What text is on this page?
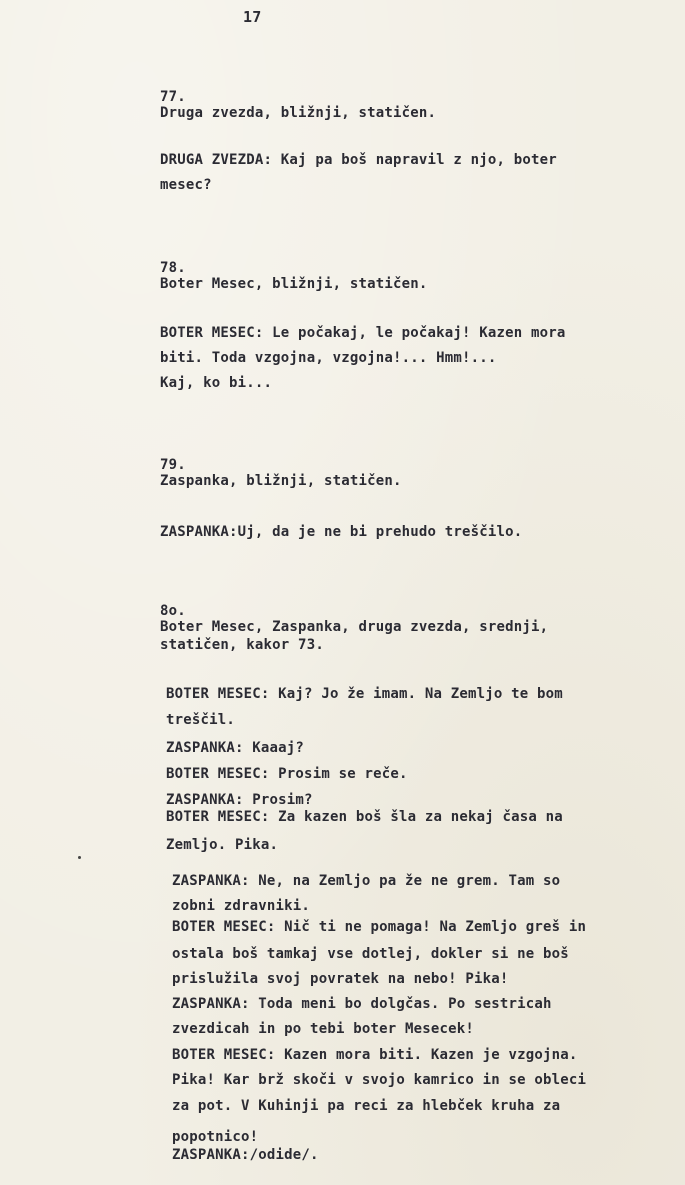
17
77.
Druga zvezda, bližnji, statičen.
DRUGA ZVEZDA: Kaj pa boš napravil z njo, boter
mesec?
78.
Boter Mesec, bližnji, statičen.
BOTER MESEC: Le počakaj, le počakaj! Kazen mora
biti. Toda vzgojna, vzgojna!... Hmm!...
Kaj, ko bi...
79.
Zaspanka, bližnji, statičen.
ZASPANKA:Uj, da je ne bi prehudo treščilo.
8o.
Boter Mesec, Zaspanka, druga zvezda, srednji,
statičen, kakor 73.
BOTER MESEC: Kaj? Jo že imam. Na Zemljo te bom
treščil.
ZASPANKA: Kaaaj?
BOTER MESEC: Prosim se reče.
ZASPANKA: Prosim?
BOTER MESEC: Za kazen boš šla za nekaj časa na
Zemljo. Pika.
ZASPANKA: Ne, na Zemljo pa že ne grem. Tam so
zobni zdravniki.
BOTER MESEC: Nič ti ne pomaga! Na Zemljo greš in
ostala boš tamkaj vse dotlej, dokler si ne boš
prislužila svoj povratek na nebo! Pika!
ZASPANKA: Toda meni bo dolgčas. Po sestricah
zvezdicah in po tebi boter Mesecek!
BOTER MESEC: Kazen mora biti. Kazen je vzgojna.
Pika! Kar brž skoči v svojo kamrico in se obleci
za pot. V Kuhinji pa reci za hlebček kruha za
popotnico!
ZASPANKA:/odide/.
